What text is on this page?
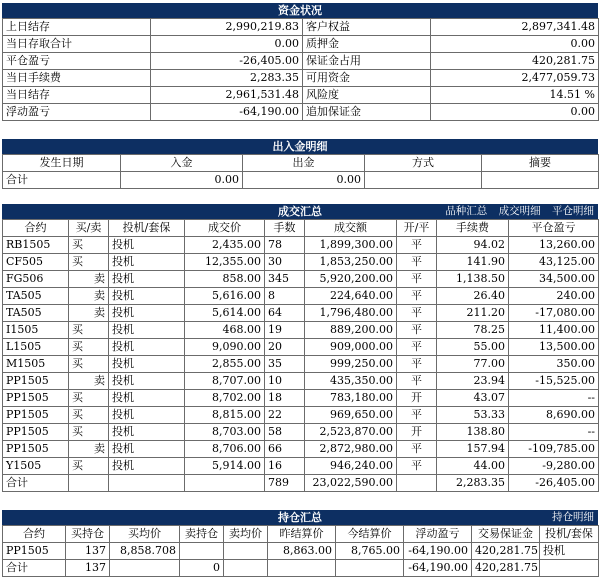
资金状况
上日结存	2,990,219.83	客户权益	2,897,341.48
当日存取合计	0.00	质押金	0.00
平仓盈亏	-26,405.00	保证金占用	420,281.75
当日手续费	2,283.35	可用资金	2,477,059.73
当日结存	2,961,531.48	风险度	14.51 %
浮动盈亏	-64,190.00	追加保证金	0.00
出入金明细
发生日期	入金	出金	方式	摘要
合计	0.00	0.00		
成交汇总	品种汇总 成交明细 平仓明细
合约	买/卖	投机/套保	成交价	手数	成交额	开/平	手续费	平仓盈亏
RB1505	买	投机	2,435.00	78	1,899,300.00	平	94.02	13,260.00
CF505	买	投机	12,355.00	30	1,853,250.00	平	141.90	43,125.00
FG506	卖	投机	858.00	345	5,920,200.00	平	1,138.50	34,500.00
TA505	卖	投机	5,616.00	8	224,640.00	平	26.40	240.00
TA505	卖	投机	5,614.00	64	1,796,480.00	平	211.20	-17,080.00
I1505	买	投机	468.00	19	889,200.00	平	78.25	11,400.00
L1505	买	投机	9,090.00	20	909,000.00	平	55.00	13,500.00
M1505	买	投机	2,855.00	35	999,250.00	平	77.00	350.00
PP1505	卖	投机	8,707.00	10	435,350.00	平	23.94	-15,525.00
PP1505	买	投机	8,702.00	18	783,180.00	开	43.07	--
PP1505	买	投机	8,815.00	22	969,650.00	平	53.33	8,690.00
PP1505	买	投机	8,703.00	58	2,523,870.00	开	138.80	--
PP1505	卖	投机	8,706.00	66	2,872,980.00	平	157.94	-109,785.00
Y1505	买	投机	5,914.00	16	946,240.00	平	44.00	-9,280.00
合计				789	23,022,590.00		2,283.35	-26,405.00
持仓汇总	持仓明细
合约	买持仓	买均价	卖持仓	卖均价	昨结算价	今结算价	浮动盈亏	交易保证金	投机/套保
PP1505	137	8,858.708			8,863.00	8,765.00	-64,190.00	420,281.75	投机
合计	137		0				-64,190.00	420,281.75	
